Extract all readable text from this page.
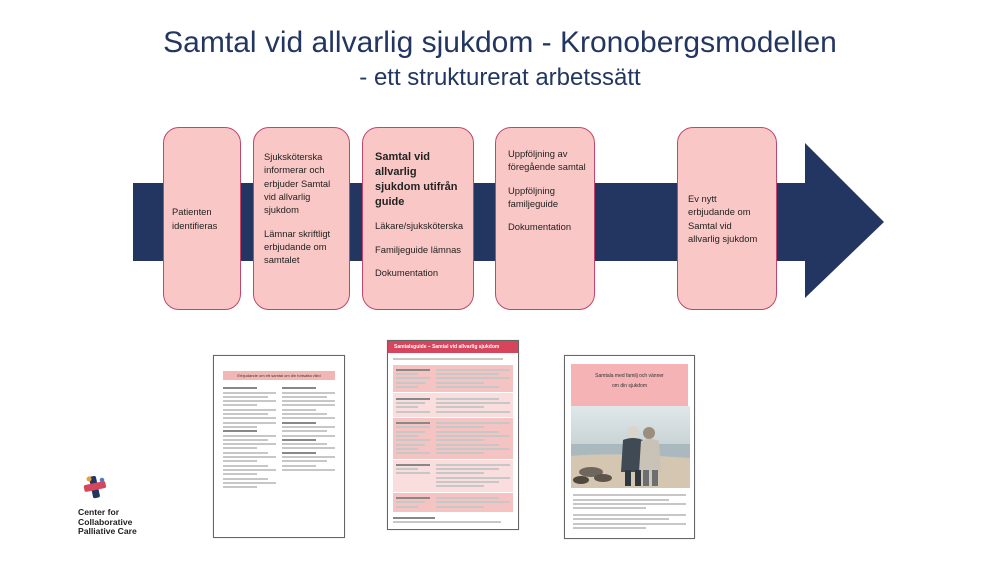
Samtal vid allvarlig sjukdom - Kronobergsmodellen
- ett strukturerat arbetssätt

Patienten identifieras

Sjuksköterska informerar och erbjuder Samtal vid allvarlig sjukdom

Lämnar skriftligt erbjudande om samtalet

Samtal vid allvarlig sjukdom utifrån guide

Läkare/sjuksköterska

Familjeguide lämnas

Dokumentation

Uppföljning av föregående samtal

Uppföljning familjeguide

Dokumentation

Ev nytt erbjudande om Samtal vid allvarlig sjukdom

Erbjudande om ett samtal om din fortsatta vård
Samtalsguide – Samtal vid allvarlig sjukdom
Samtala med familj och vänner
om din sjukdom
Center for
Collaborative
Palliative Care
